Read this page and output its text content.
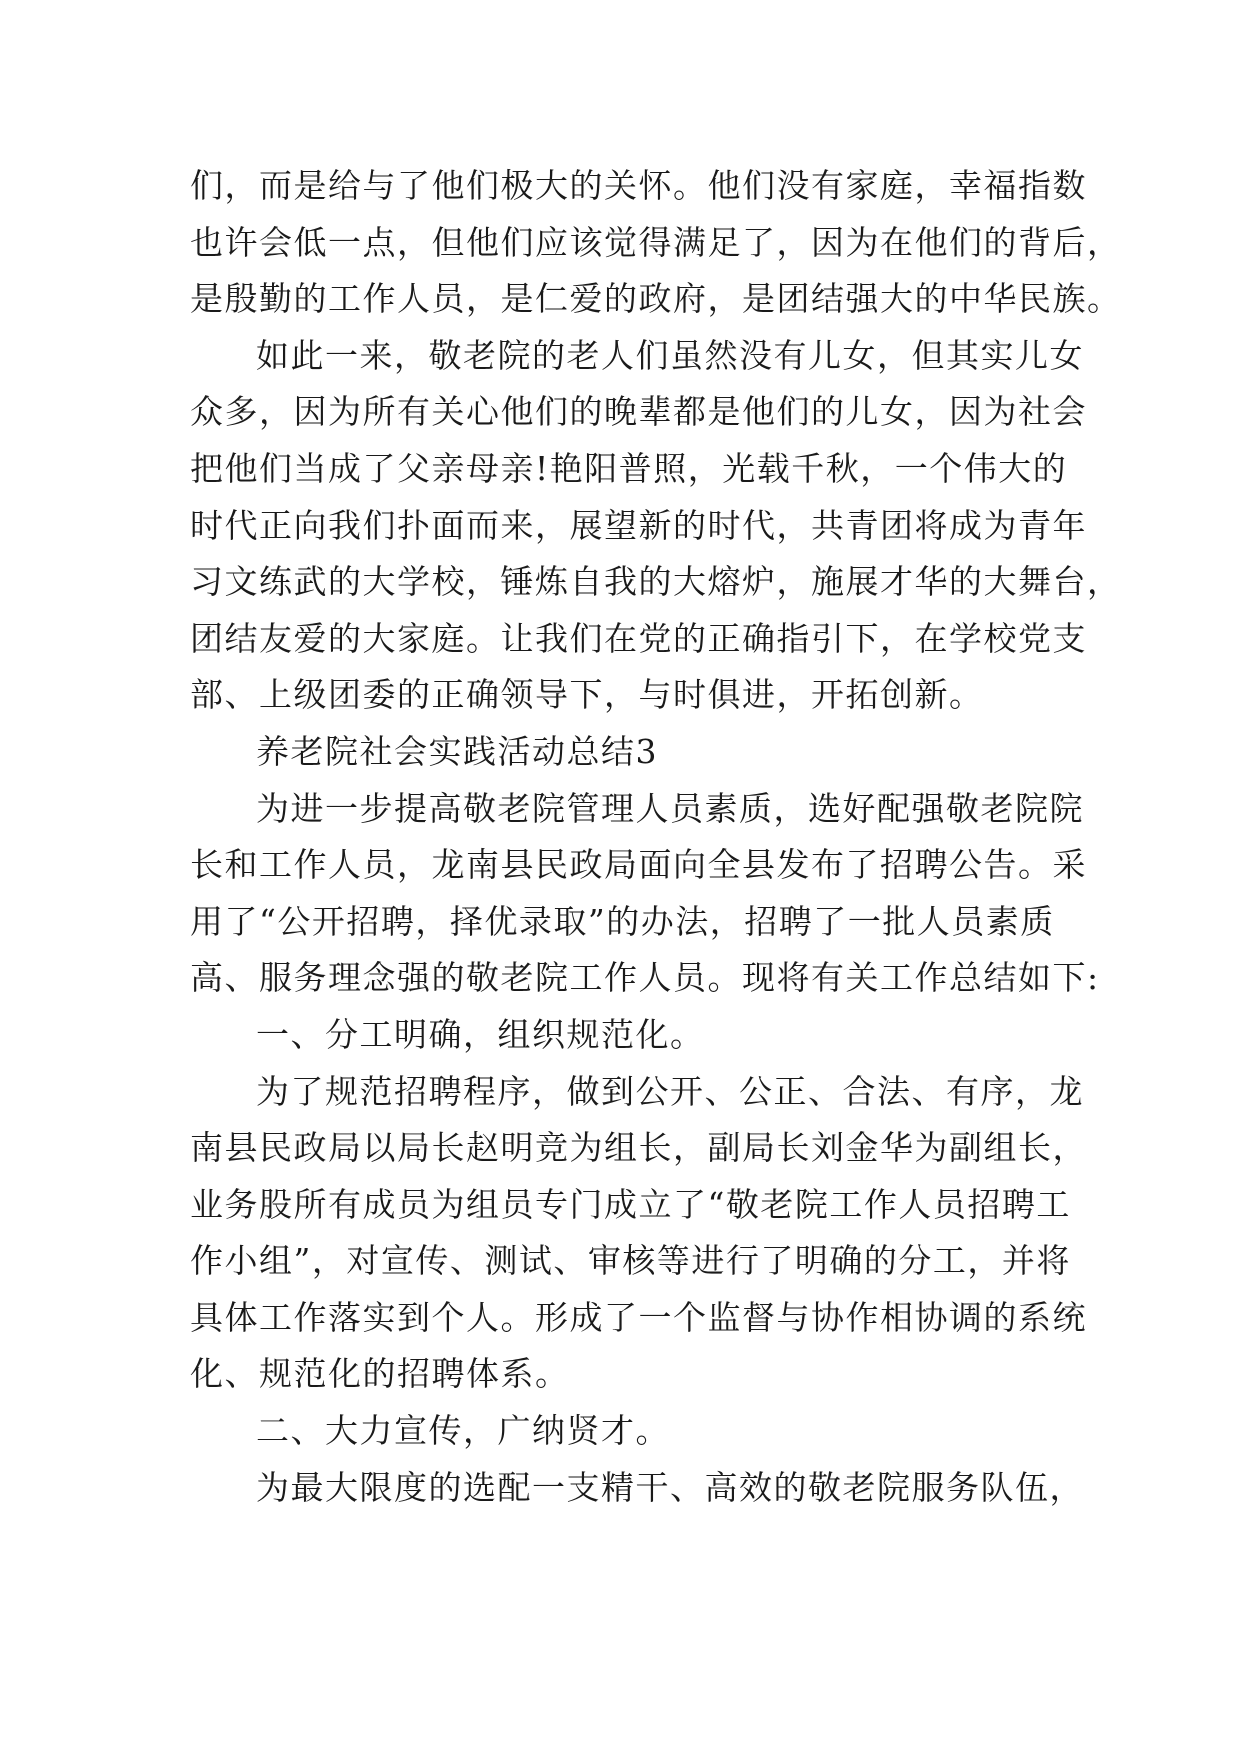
们，而是给与了他们极大的关怀。他们没有家庭，幸福指数
也许会低一点，但他们应该觉得满足了，因为在他们的背后，
是殷勤的工作人员，是仁爱的政府，是团结强大的中华民族。
如此一来，敬老院的老人们虽然没有儿女，但其实儿女
众多，因为所有关心他们的晚辈都是他们的儿女，因为社会
把他们当成了父亲母亲!艳阳普照，光载千秋，一个伟大的
时代正向我们扑面而来，展望新的时代，共青团将成为青年
习文练武的大学校，锤炼自我的大熔炉，施展才华的大舞台，
团结友爱的大家庭。让我们在党的正确指引下，在学校党支
部、上级团委的正确领导下，与时俱进，开拓创新。
养老院社会实践活动总结3
为进一步提高敬老院管理人员素质，选好配强敬老院院
长和工作人员，龙南县民政局面向全县发布了招聘公告。采
用了“公开招聘，择优录取”的办法，招聘了一批人员素质
高、服务理念强的敬老院工作人员。现将有关工作总结如下:
一、分工明确，组织规范化。
为了规范招聘程序，做到公开、公正、合法、有序，龙
南县民政局以局长赵明竞为组长，副局长刘金华为副组长，
业务股所有成员为组员专门成立了“敬老院工作人员招聘工
作小组”，对宣传、测试、审核等进行了明确的分工，并将
具体工作落实到个人。形成了一个监督与协作相协调的系统
化、规范化的招聘体系。
二、大力宣传，广纳贤才。
为最大限度的选配一支精干、高效的敬老院服务队伍，
